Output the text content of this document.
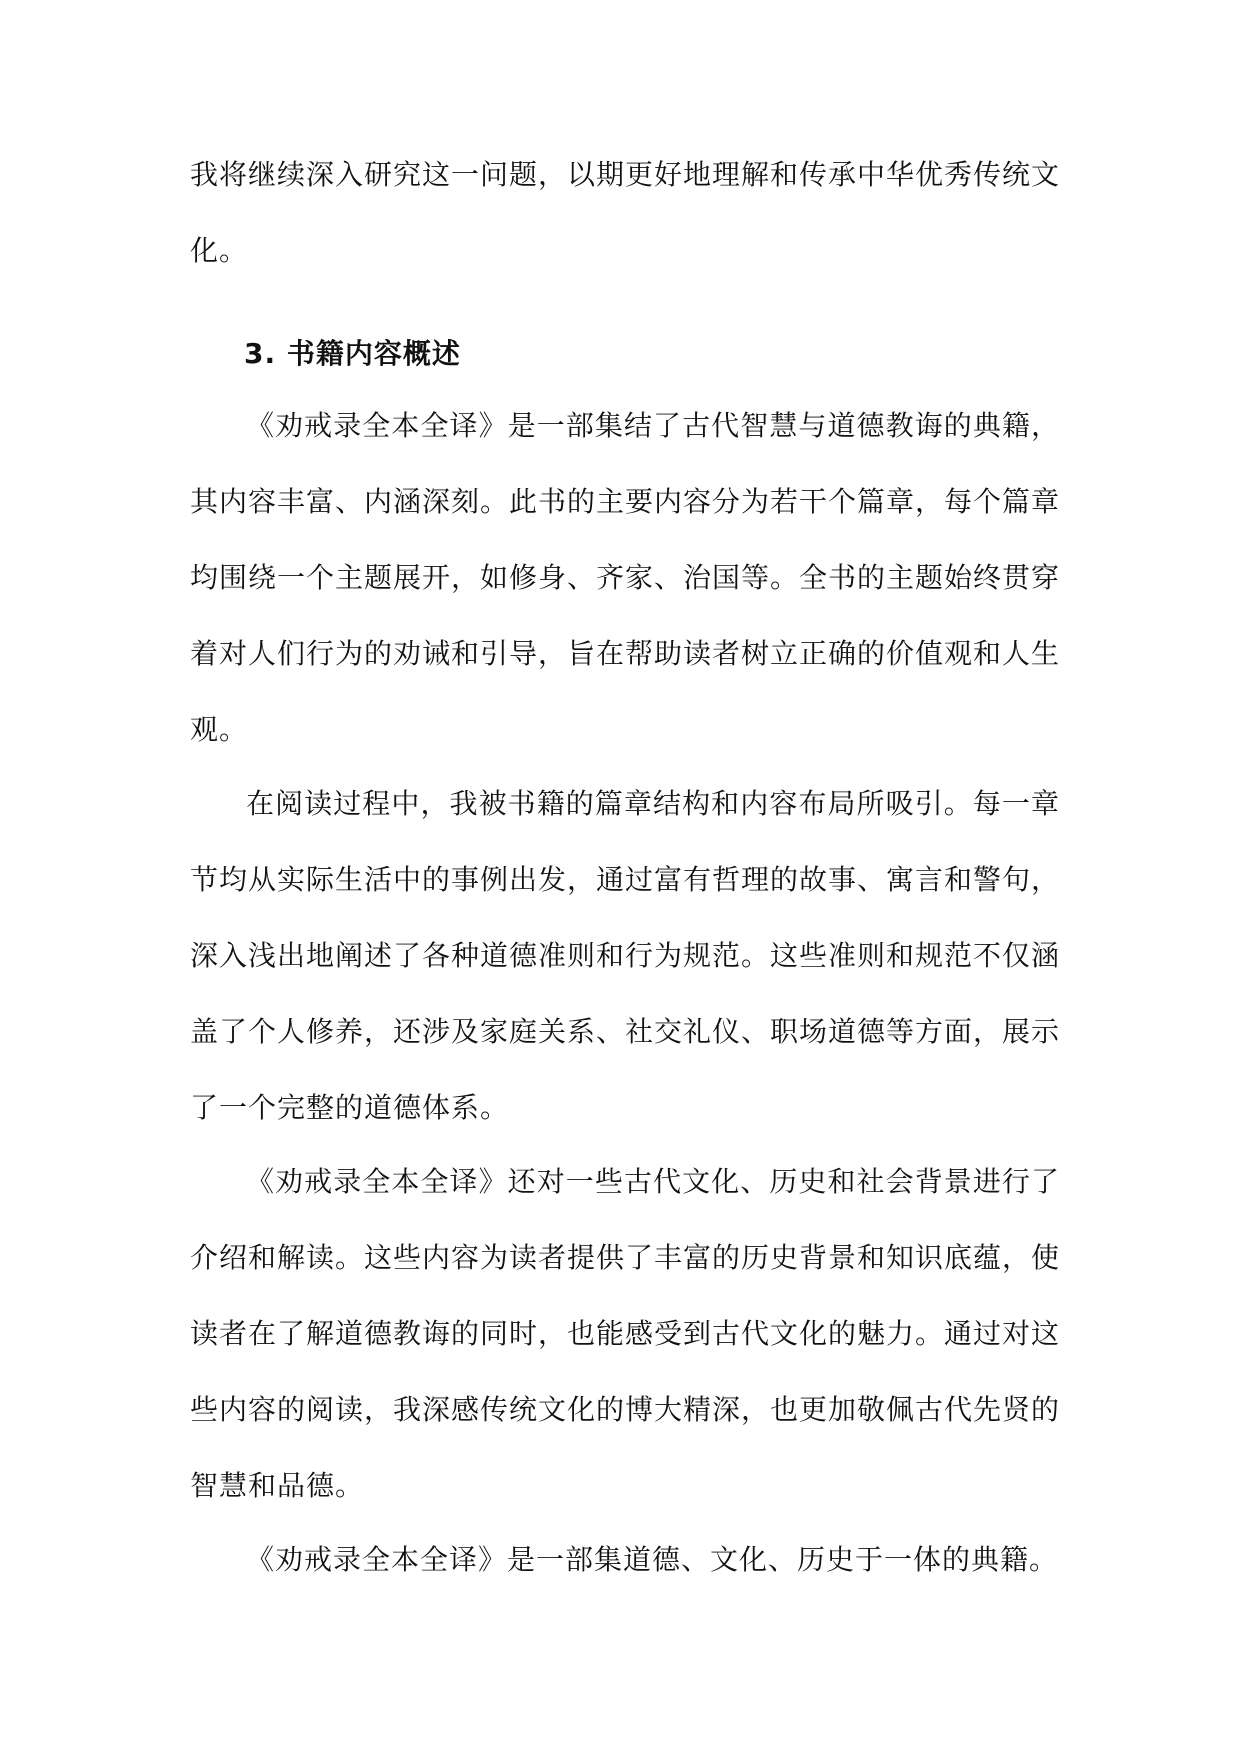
我将继续深入研究这一问题，以期更好地理解和传承中华优秀传统文化。

3. 书籍内容概述

《劝戒录全本全译》是一部集结了古代智慧与道德教诲的典籍，其内容丰富、内涵深刻。此书的主要内容分为若干个篇章，每个篇章均围绕一个主题展开，如修身、齐家、治国等。全书的主题始终贯穿着对人们行为的劝诫和引导，旨在帮助读者树立正确的价值观和人生观。

在阅读过程中，我被书籍的篇章结构和内容布局所吸引。每一章节均从实际生活中的事例出发，通过富有哲理的故事、寓言和警句，深入浅出地阐述了各种道德准则和行为规范。这些准则和规范不仅涵盖了个人修养，还涉及家庭关系、社交礼仪、职场道德等方面，展示了一个完整的道德体系。

《劝戒录全本全译》还对一些古代文化、历史和社会背景进行了介绍和解读。这些内容为读者提供了丰富的历史背景和知识底蕴，使读者在了解道德教诲的同时，也能感受到古代文化的魅力。通过对这些内容的阅读，我深感传统文化的博大精深，也更加敬佩古代先贤的智慧和品德。

《劝戒录全本全译》是一部集道德、文化、历史于一体的典籍。
